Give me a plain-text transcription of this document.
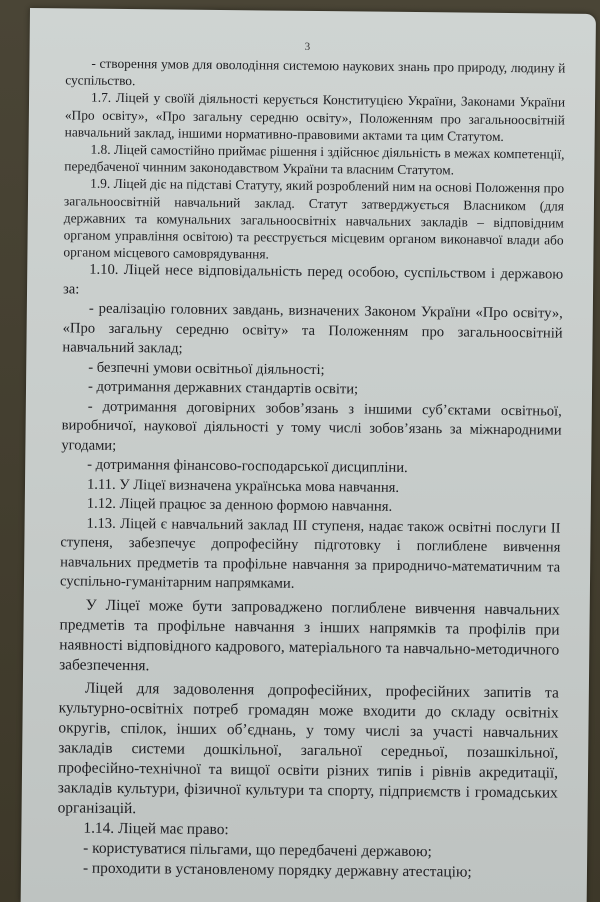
3

- створення умов для оволодіння системою наукових знань про природу, людину й суспільство.

1.7. Ліцей у своїй діяльності керується Конституцією України, Законами України «Про освіту», «Про загальну середню освіту», Положенням про загальноосвітній навчальний заклад, іншими нормативно-правовими актами та цим Статутом.

1.8. Ліцей самостійно приймає рішення і здійснює діяльність в межах компетенції, передбаченої чинним законодавством України та власним Статутом.

1.9. Ліцей діє на підставі Статуту, який розроблений ним на основі Положення про загальноосвітній навчальний заклад. Статут затверджується Власником (для державних та комунальних загальноосвітніх навчальних закладів – відповідним органом управління освітою) та реєструється місцевим органом виконавчої влади або органом місцевого самоврядування.

1.10. Ліцей несе відповідальність перед особою, суспільством і державою за:

- реалізацію головних завдань, визначених Законом України «Про освіту», «Про загальну середню освіту» та Положенням про загальноосвітній навчальний заклад;

- безпечні умови освітньої діяльності;

- дотримання державних стандартів освіти;

- дотримання договірних зобов’язань з іншими суб’єктами освітньої, виробничої, наукової діяльності у тому числі зобов’язань за міжнародними угодами;

- дотримання фінансово-господарської дисципліни.

1.11. У Ліцеї визначена українська мова навчання.

1.12. Ліцей працює за денною формою навчання.

1.13. Ліцей є навчальний заклад ІІІ ступеня, надає також освітні послуги ІІ ступеня, забезпечує допрофесійну підготовку і поглиблене вивчення навчальних предметів та профільне навчання за природничо-математичним та суспільно-гуманітарним напрямками.

У Ліцеї може бути запроваджено поглиблене вивчення навчальних предметів та профільне навчання з інших напрямків та профілів при наявності відповідного кадрового, матеріального та навчально-методичного забезпечення.

Ліцей для задоволення допрофесійних, професійних запитів та культурно-освітніх потреб громадян може входити до складу освітніх округів, спілок, інших об’єднань, у тому числі за участі навчальних закладів системи дошкільної, загальної середньої, позашкільної, професійно-технічної та вищої освіти різних типів і рівнів акредитації, закладів культури, фізичної культури та спорту, підприємств і громадських організацій.

1.14. Ліцей має право:

- користуватися пільгами, що передбачені державою;

- проходити в установленому порядку державну атестацію;
